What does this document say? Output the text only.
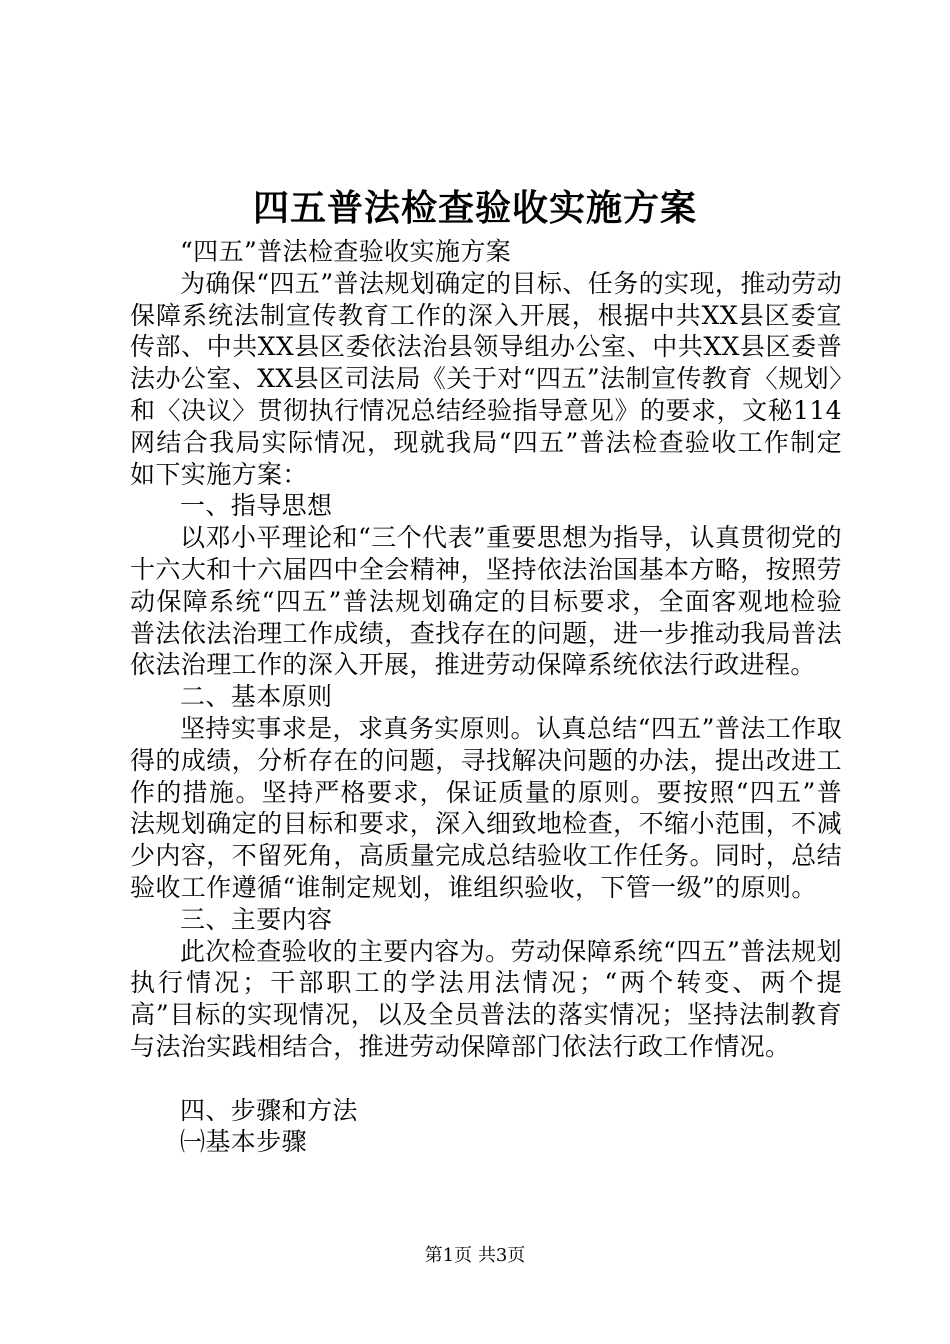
四五普法检查验收实施方案

“四五”普法检查验收实施方案

为确保“四五”普法规划确定的目标、任务的实现，推动劳动保障系统法制宣传教育工作的深入开展，根据中共XX县区委宣传部、中共XX县区委依法治县领导组办公室、中共XX县区委普法办公室、XX县区司法局《关于对“四五”法制宣传教育〈规划〉和〈决议〉贯彻执行情况总结经验指导意见》的要求，文秘114网结合我局实际情况，现就我局“四五”普法检查验收工作制定如下实施方案：

一、指导思想

以邓小平理论和“三个代表”重要思想为指导，认真贯彻党的十六大和十六届四中全会精神，坚持依法治国基本方略，按照劳动保障系统“四五”普法规划确定的目标要求，全面客观地检验普法依法治理工作成绩，查找存在的问题，进一步推动我局普法依法治理工作的深入开展，推进劳动保障系统依法行政进程。

二、基本原则

坚持实事求是，求真务实原则。认真总结“四五”普法工作取得的成绩，分析存在的问题，寻找解决问题的办法，提出改进工作的措施。坚持严格要求，保证质量的原则。要按照“四五”普法规划确定的目标和要求，深入细致地检查，不缩小范围，不减少内容，不留死角，高质量完成总结验收工作任务。同时，总结验收工作遵循“谁制定规划，谁组织验收，下管一级”的原则。

三、主要内容

此次检查验收的主要内容为。劳动保障系统“四五”普法规划执行情况；干部职工的学法用法情况；“两个转变、两个提高”目标的实现情况，以及全员普法的落实情况；坚持法制教育与法治实践相结合，推进劳动保障部门依法行政工作情况。

四、步骤和方法

㈠基本步骤

第1页 共3页
